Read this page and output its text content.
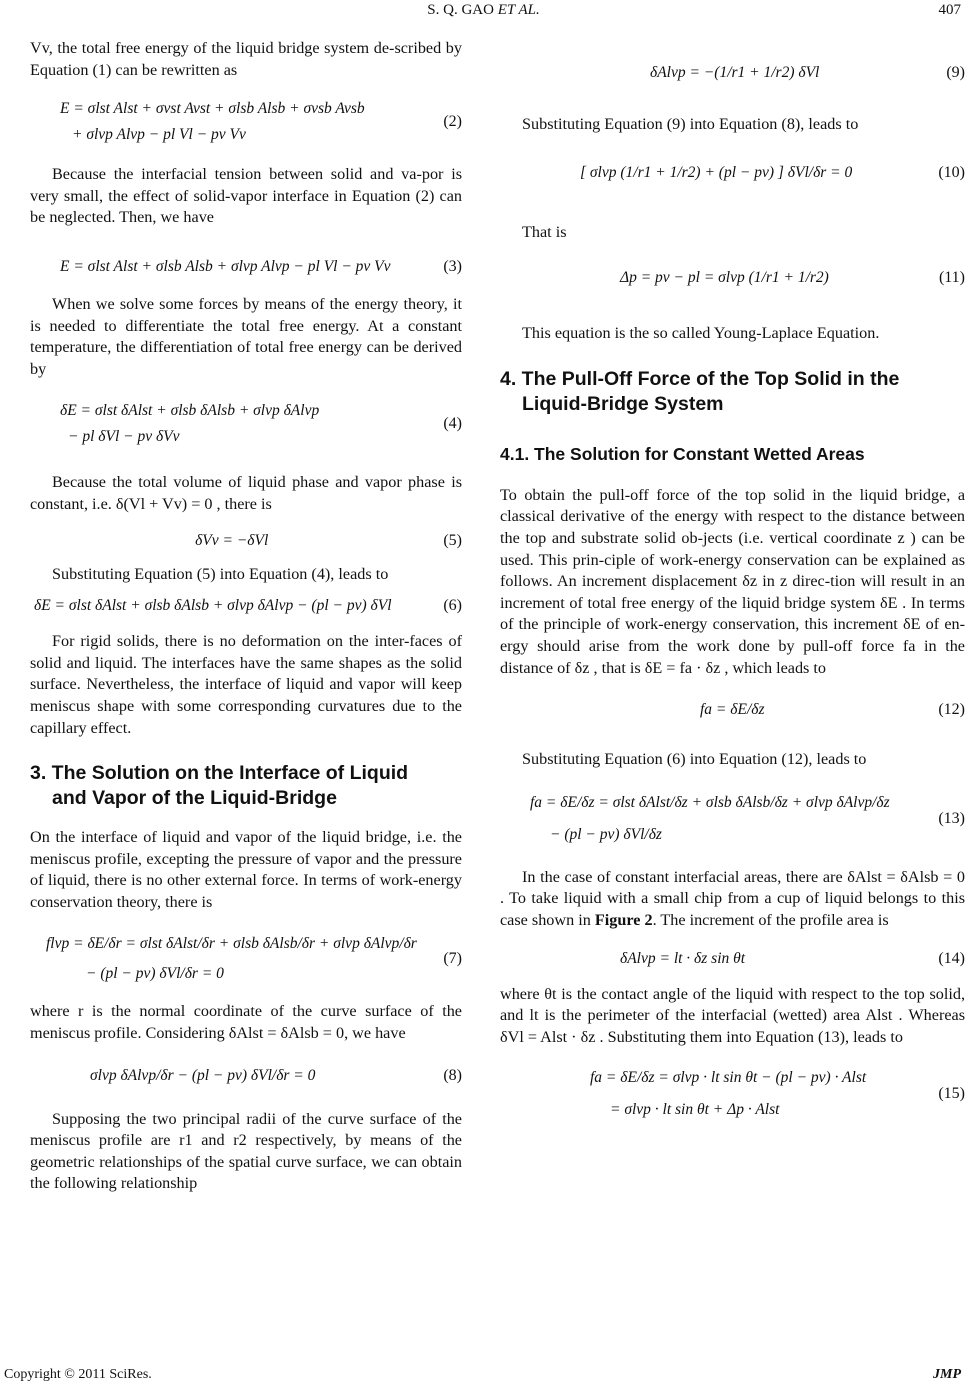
S. Q. GAO ET AL.	407
Vv, the total free energy of the liquid bridge system de-scribed by Equation (1) can be rewritten as
E = σlst Alst + σvst Avst + σlsb Alsb + σvsb Avsb
+ σlvp Alvp − pl Vl − pv Vv
(2)
Because the interfacial tension between solid and va-por is very small, the effect of solid-vapor interface in Equation (2) can be neglected. Then, we have
E = σlst Alst + σlsb Alsb + σlvp Alvp − pl Vl − pv Vv	(3)
When we solve some forces by means of the energy theory, it is needed to differentiate the total free energy. At a constant temperature, the differentiation of total free energy can be derived by
δE = σlst δAlst + σlsb δAlsb + σlvp δAlvp
− pl δVl − pv δVv
(4)
Because the total volume of liquid phase and vapor phase is constant, i.e. δ(Vl + Vv) = 0 , there is
δVv = −δVl	(5)
Substituting Equation (5) into Equation (4), leads to
δE = σlst δAlst + σlsb δAlsb + σlvp δAlvp − (pl − pv) δVl	(6)
For rigid solids, there is no deformation on the inter-faces of solid and liquid. The interfaces have the same shapes as the solid surface. Nevertheless, the interface of liquid and vapor will keep meniscus shape with some corresponding curvatures due to the capillary effect.
3. The Solution on the Interface of Liquid
and Vapor of the Liquid-Bridge
On the interface of liquid and vapor of the liquid bridge, i.e. the meniscus profile, excepting the pressure of vapor and the pressure of liquid, there is no other external force. In terms of work-energy conservation theory, there is
flvp = δE/δr = σlst δAlst/δr + σlsb δAlsb/δr + σlvp δAlvp/δr
− (pl − pv) δVl/δr = 0
(7)
where r is the normal coordinate of the curve surface of the meniscus profile. Considering δAlst = δAlsb = 0, we have
σlvp δAlvp/δr − (pl − pv) δVl/δr = 0	(8)
Supposing the two principal radii of the curve surface of the meniscus profile are r1 and r2 respectively, by means of the geometric relationships of the spatial curve surface, we can obtain the following relationship
δAlvp = −(1/r1 + 1/r2) δVl	(9)
Substituting Equation (9) into Equation (8), leads to
[ σlvp (1/r1 + 1/r2) + (pl − pv) ] δVl/δr = 0	(10)
That is
Δp = pv − pl = σlvp (1/r1 + 1/r2)	(11)
This equation is the so called Young-Laplace Equation.
4. The Pull-Off Force of the Top Solid in the
Liquid-Bridge System
4.1. The Solution for Constant Wetted Areas
To obtain the pull-off force of the top solid in the liquid bridge, a classical derivative of the energy with respect to the distance between the top and substrate solid ob-jects (i.e. vertical coordinate z ) can be used. This prin-ciple of work-energy conservation can be explained as follows. An increment displacement δz in z direc-tion will result in an increment of total free energy of the liquid bridge system δE . In terms of the principle of work-energy conservation, this increment δE of en-ergy should arise from the work done by pull-off force fa in the distance of δz , that is δE = fa · δz , which leads to
fa = δE/δz	(12)
Substituting Equation (6) into Equation (12), leads to
fa = δE/δz = σlst δAlst/δz + σlsb δAlsb/δz + σlvp δAlvp/δz
− (pl − pv) δVl/δz
(13)
In the case of constant interfacial areas, there are δAlst = δAlsb = 0 . To take liquid with a small chip from a cup of liquid belongs to this case shown in Figure 2. The increment of the profile area is
δAlvp = lt · δz sin θt	(14)
where θt is the contact angle of the liquid with respect to the top solid, and lt is the perimeter of the interfacial (wetted) area Alst . Whereas δVl = Alst · δz . Substituting them into Equation (13), leads to
fa = δE/δz = σlvp · lt sin θt − (pl − pv) · Alst
= σlvp · lt sin θt + Δp · Alst
(15)
Copyright © 2011 SciRes.	JMP
